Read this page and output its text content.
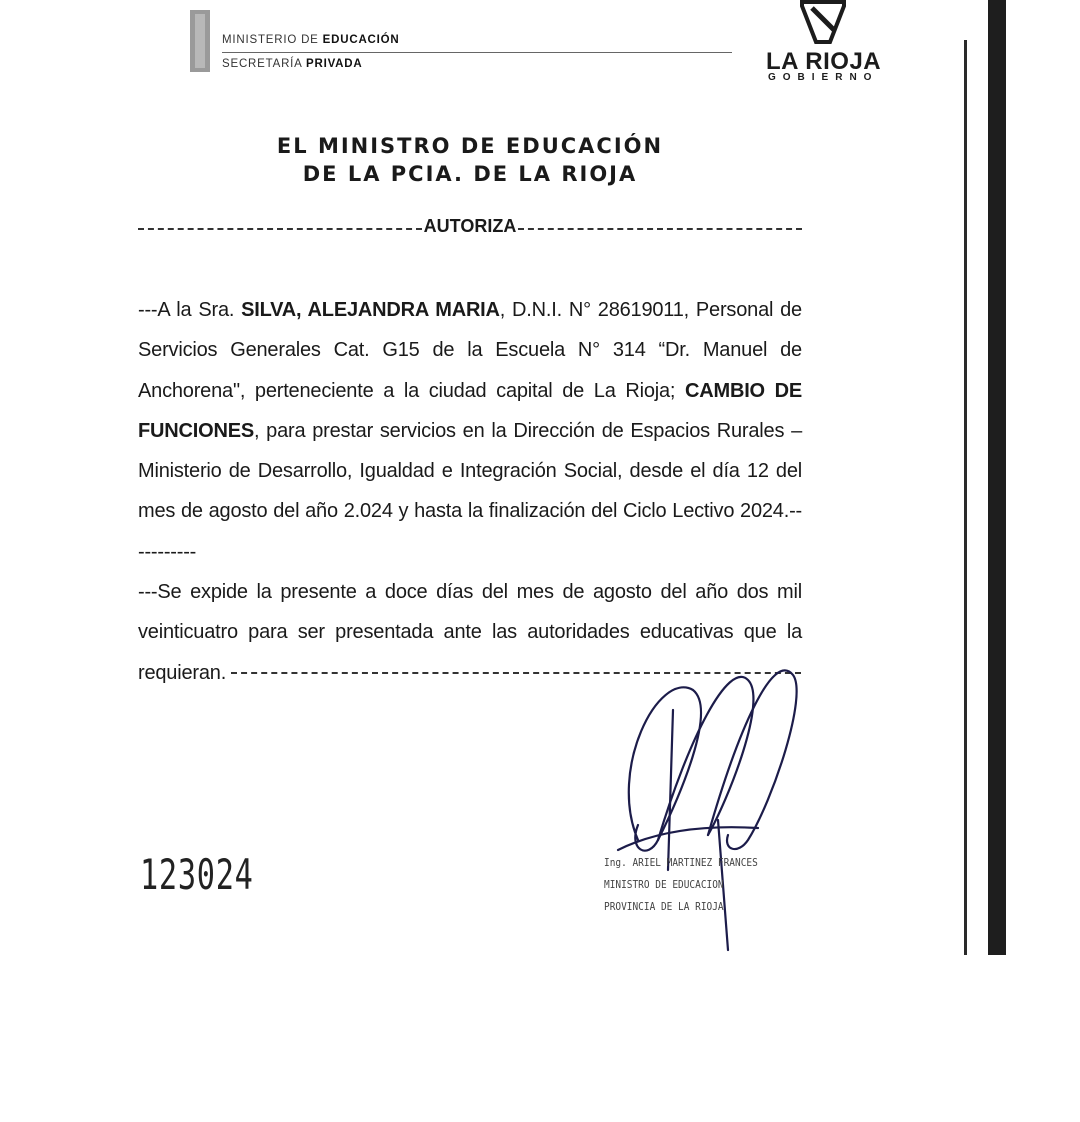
MINISTERIO DE EDUCACIÓN
SECRETARÍA PRIVADA	LA RIOJA
GOBIERNO
EL MINISTRO DE EDUCACIÓN
DE LA PCIA. DE LA RIOJA
AUTORIZA

---A la Sra. SILVA, ALEJANDRA MARIA, D.N.I. N° 28619011, Personal de Servicios Generales Cat. G15 de la Escuela N° 314 “Dr. Manuel de Anchorena", perteneciente a la ciudad capital de La Rioja; CAMBIO DE FUNCIONES, para prestar servicios en la Dirección de Espacios Rurales – Ministerio de Desarrollo, Igualdad e Integración Social, desde el día 12 del mes de agosto del año 2.024 y hasta la finalización del Ciclo Lectivo 2024.-----------

---Se expide la presente a doce días del mes de agosto del año dos mil veinticuatro para ser presentada ante las autoridades educativas que la requieran.

123024	Ing. ARIEL MARTINEZ FRANCES
MINISTRO DE EDUCACION
PROVINCIA DE LA RIOJA
